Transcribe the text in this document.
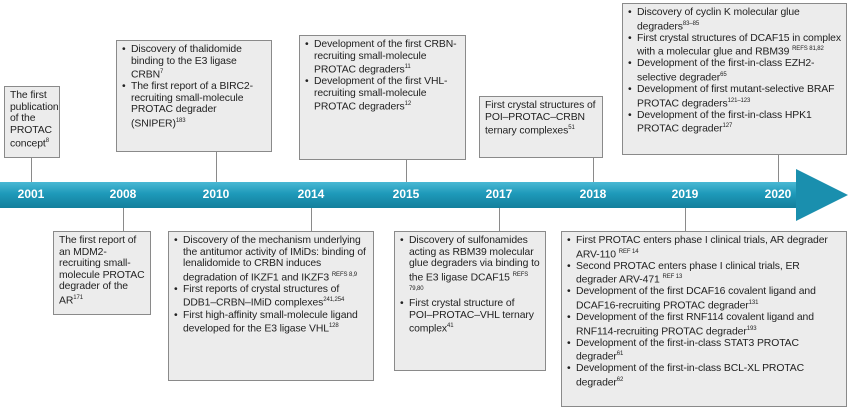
2001	2008	2010	2014	2015	2017	2018	2019	2020

The first publication of the PROTAC concept$^8$

• Discovery of thalidomide binding to the E3 ligase CRBN$^7$
• The first report of a BIRC2-recruiting small-molecule PROTAC degrader (SNIPER)$^{183}$
• Development of the first CRBN-recruiting small-molecule PROTAC degraders$^{11}$
• Development of the first VHL-recruiting small-molecule PROTAC degraders$^{12}$	First crystal structures of POI–PROTAC–CRBN ternary complexes$^{51}$

• Discovery of cyclin K molecular glue degraders$^{83-85}$
• First crystal structures of DCAF15 in complex with a molecular glue and RBM39 $^{REFS 81,82}$
• Development of the first-in-class EZH2-selective degrader$^{65}$
• Development of first mutant-selective BRAF PROTAC degraders$^{121-123}$
• Development of the first-in-class HPK1 PROTAC degrader$^{127}$

The first report of an MDM2-recruiting small-molecule PROTAC degrader of the AR$^{171}$

• Discovery of the mechanism underlying the antitumor activity of IMiDs: binding of lenalidomide to CRBN induces degradation of IKZF1 and IKZF3 $^{REFS 8,9}$
• First reports of crystal structures of DDB1–CRBN–IMiD complexes$^{241,254}$
• First high-affinity small-molecule ligand developed for the E3 ligase VHL$^{128}$
• Discovery of sulfonamides acting as RBM39 molecular glue degraders via binding to the E3 ligase DCAF15 $^{REFS 79,80}$
• First crystal structure of POI–PROTAC–VHL ternary complex$^{41}$
• First PROTAC enters phase I clinical trials, AR degrader ARV-110 $^{REF 14}$
• Second PROTAC enters phase I clinical trials, ER degrader ARV-471 $^{REF 13}$
• Development of the first DCAF16 covalent ligand and DCAF16-recruiting PROTAC degrader$^{131}$
• Development of the first RNF114 covalent ligand and RNF114-recruiting PROTAC degrader$^{193}$
• Development of the first-in-class STAT3 PROTAC degrader$^{61}$
• Development of the first-in-class BCL-XL PROTAC degrader$^{62}$
